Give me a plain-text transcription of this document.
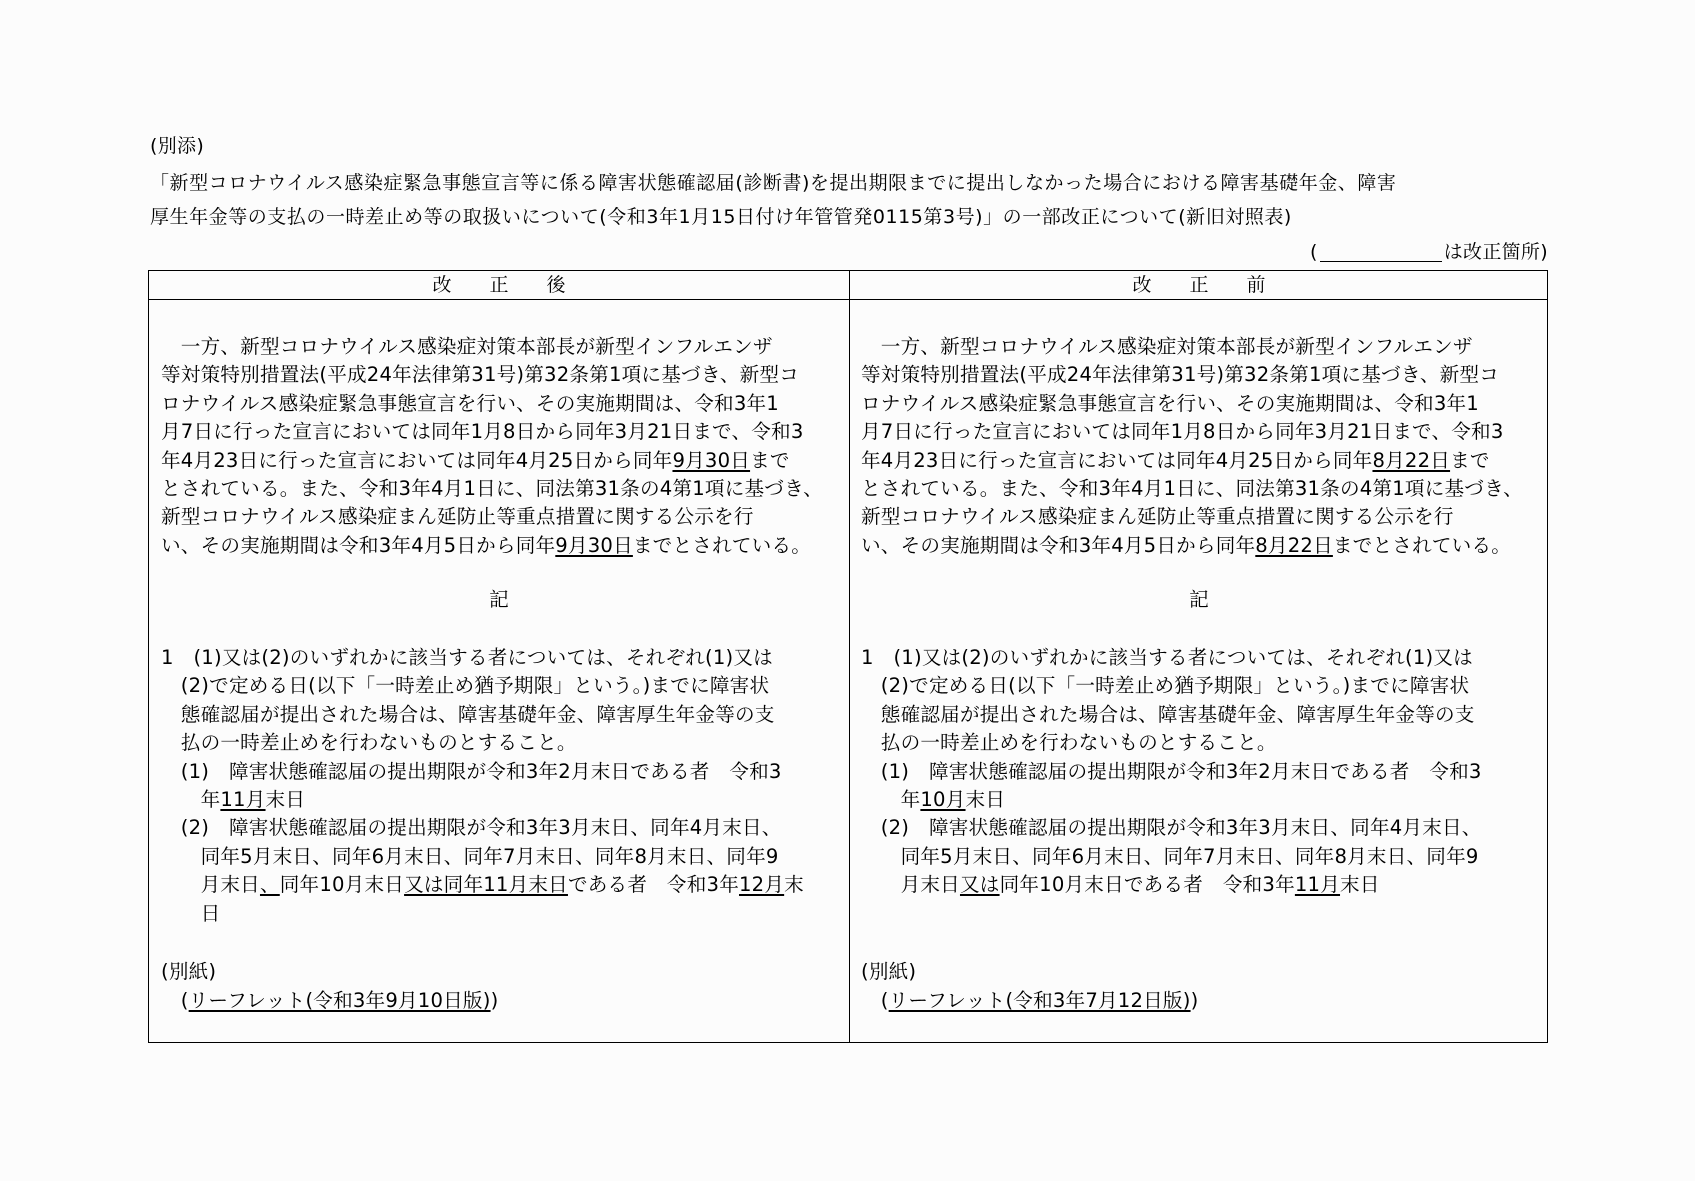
(別添)
「新型コロナウイルス感染症緊急事態宣言等に係る障害状態確認届(診断書)を提出期限までに提出しなかった場合における障害基礎年金、障害
厚生年金等の支払の一時差止め等の取扱いについて(令和3年1月15日付け年管管発0115第3号)」の一部改正について(新旧対照表)
(	は改正箇所)
改正後
　一方、新型コロナウイルス感染症対策本部長が新型インフルエンザ
等対策特別措置法(平成24年法律第31号)第32条第1項に基づき、新型コ
ロナウイルス感染症緊急事態宣言を行い、その実施期間は、令和3年1
月7日に行った宣言においては同年1月8日から同年3月21日まで、令和3
年4月23日に行った宣言においては同年4月25日から同年9月30日まで
とされている。また、令和3年4月1日に、同法第31条の4第1項に基づき、
新型コロナウイルス感染症まん延防止等重点措置に関する公示を行
い、その実施期間は令和3年4月5日から同年9月30日までとされている。
記
1　(1)又は(2)のいずれかに該当する者については、それぞれ(1)又は
　(2)で定める日(以下「一時差止め猶予期限」という。)までに障害状
　態確認届が提出された場合は、障害基礎年金、障害厚生年金等の支
　払の一時差止めを行わないものとすること。
　(1)　障害状態確認届の提出期限が令和3年2月末日である者　令和3
　　年11月末日
　(2)　障害状態確認届の提出期限が令和3年3月末日、同年4月末日、
　　同年5月末日、同年6月末日、同年7月末日、同年8月末日、同年9
　　月末日、同年10月末日又は同年11月末日である者　令和3年12月末
　　日
(別紙)
　(リーフレット(令和3年9月10日版))
改正前
　一方、新型コロナウイルス感染症対策本部長が新型インフルエンザ
等対策特別措置法(平成24年法律第31号)第32条第1項に基づき、新型コ
ロナウイルス感染症緊急事態宣言を行い、その実施期間は、令和3年1
月7日に行った宣言においては同年1月8日から同年3月21日まで、令和3
年4月23日に行った宣言においては同年4月25日から同年8月22日まで
とされている。また、令和3年4月1日に、同法第31条の4第1項に基づき、
新型コロナウイルス感染症まん延防止等重点措置に関する公示を行
い、その実施期間は令和3年4月5日から同年8月22日までとされている。
記
1　(1)又は(2)のいずれかに該当する者については、それぞれ(1)又は
　(2)で定める日(以下「一時差止め猶予期限」という。)までに障害状
　態確認届が提出された場合は、障害基礎年金、障害厚生年金等の支
　払の一時差止めを行わないものとすること。
　(1)　障害状態確認届の提出期限が令和3年2月末日である者　令和3
　　年10月末日
　(2)　障害状態確認届の提出期限が令和3年3月末日、同年4月末日、
　　同年5月末日、同年6月末日、同年7月末日、同年8月末日、同年9
　　月末日又は同年10月末日である者　令和3年11月末日
(別紙)
　(リーフレット(令和3年7月12日版))
